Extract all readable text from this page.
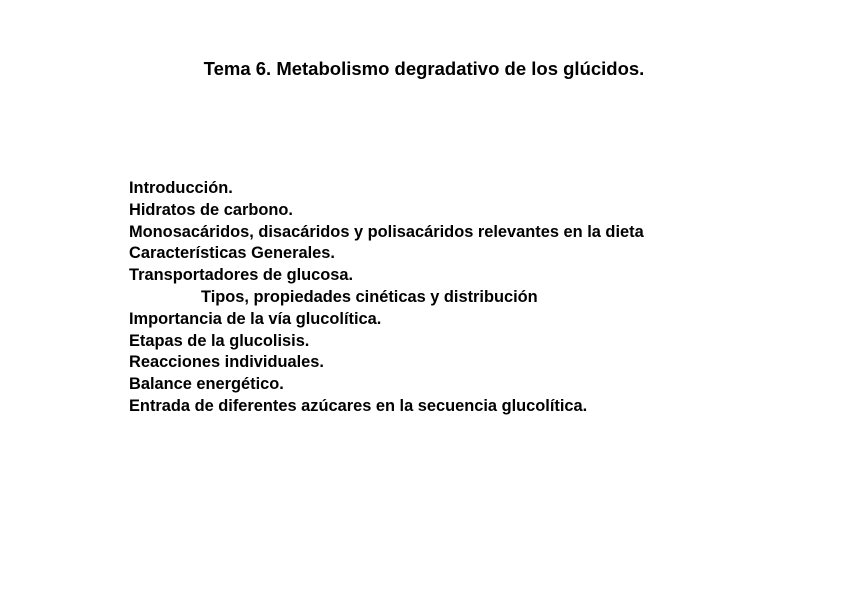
Tema 6. Metabolismo degradativo de los glúcidos.
Introducción.
Hidratos de carbono.
Monosacáridos, disacáridos y polisacáridos relevantes en la dieta
Características Generales.
Transportadores de glucosa.
Tipos, propiedades cinéticas y distribución
Importancia de la vía glucolítica.
Etapas de la glucolisis.
Reacciones individuales.
Balance energético.
Entrada de diferentes azúcares en la secuencia glucolítica.
